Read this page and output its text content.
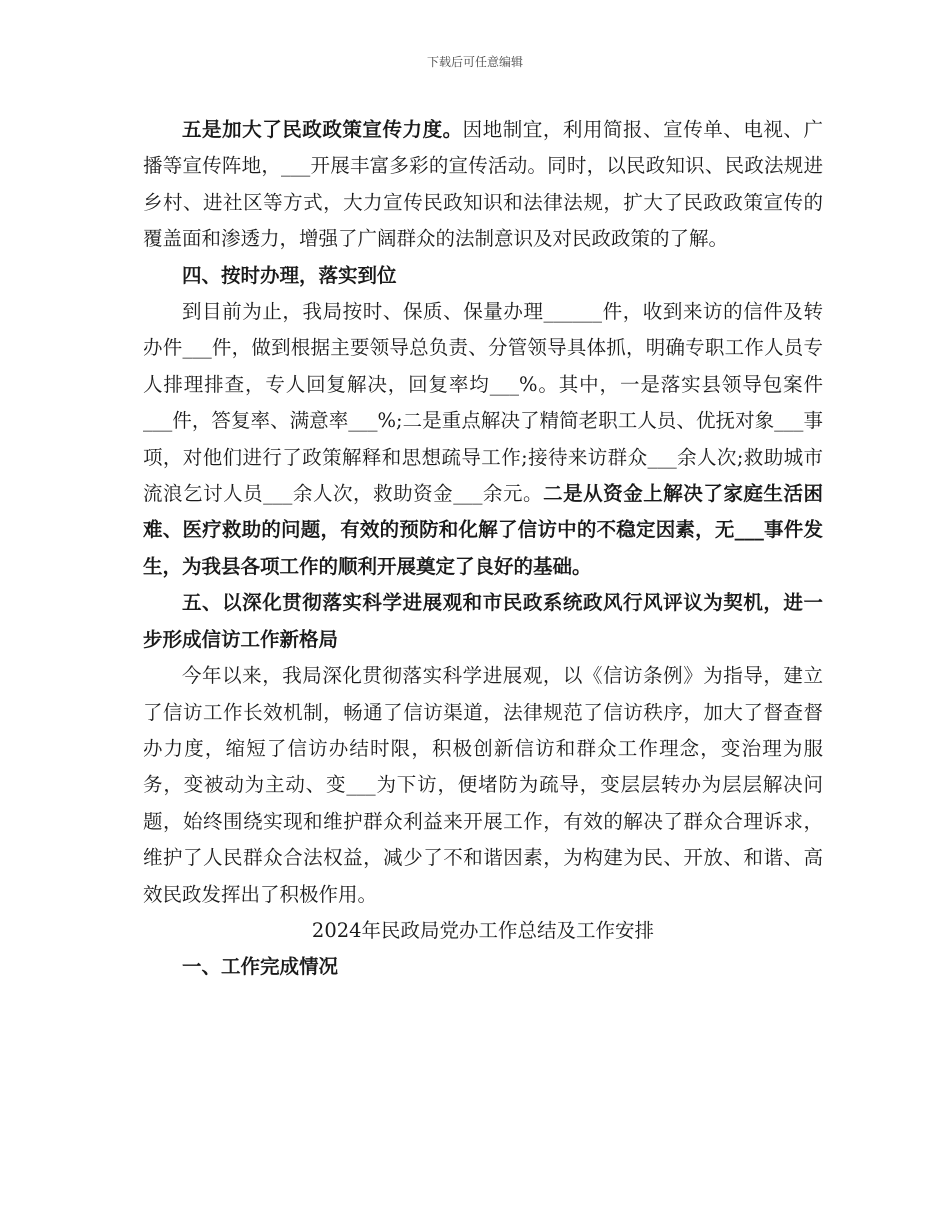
下载后可任意编辑

五是加大了民政政策宣传力度。因地制宜，利用简报、宣传单、电视、广播等宣传阵地，___开展丰富多彩的宣传活动。同时，以民政知识、民政法规进乡村、进社区等方式，大力宣传民政知识和法律法规，扩大了民政政策宣传的覆盖面和渗透力，增强了广阔群众的法制意识及对民政政策的了解。

四、按时办理，落实到位

到目前为止，我局按时、保质、保量办理______件，收到来访的信件及转办件___件，做到根据主要领导总负责、分管领导具体抓，明确专职工作人员专人排理排查，专人回复解决，回复率均___%。其中，一是落实县领导包案件___件，答复率、满意率___%;二是重点解决了精简老职工人员、优抚对象___事项，对他们进行了政策解释和思想疏导工作;接待来访群众___余人次;救助城市流浪乞讨人员___余人次，救助资金___余元。二是从资金上解决了家庭生活困难、医疗救助的问题，有效的预防和化解了信访中的不稳定因素，无___事件发生，为我县各项工作的顺利开展奠定了良好的基础。

五、以深化贯彻落实科学进展观和市民政系统政风行风评议为契机，进一步形成信访工作新格局

今年以来，我局深化贯彻落实科学进展观，以《信访条例》为指导，建立了信访工作长效机制，畅通了信访渠道，法律规范了信访秩序，加大了督查督办力度，缩短了信访办结时限，积极创新信访和群众工作理念，变治理为服务，变被动为主动、变___为下访，便堵防为疏导，变层层转办为层层解决问题，始终围绕实现和维护群众利益来开展工作，有效的解决了群众合理诉求，维护了人民群众合法权益，减少了不和谐因素，为构建为民、开放、和谐、高效民政发挥出了积极作用。

2024年民政局党办工作总结及工作安排

一、工作完成情况
